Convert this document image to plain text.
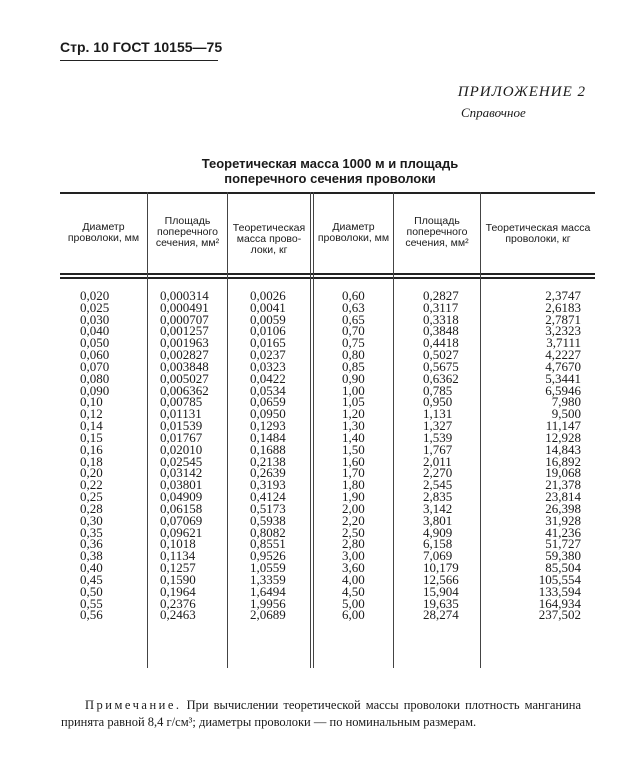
Стр. 10 ГОСТ 10155—75
ПРИЛОЖЕНИЕ 2
Справочное
Теоретическая масса 1000 м и площадь
поперечного сечения проволоки
Диаметр проволоки, мм
Площадь поперечного сечения, мм²
Теоретическая масса прово-локи, кг
Диаметр проволоки, мм
Площадь поперечного сечения, мм²
Теоретическая масса проволоки, кг
0,020
0,025
0,030
0,040
0,050
0,060
0,070
0,080
0,090
0,10
0,12
0,14
0,15
0,16
0,18
0,20
0,22
0,25
0,28
0,30
0,35
0,36
0,38
0,40
0,45
0,50
0,55
0,56
0,000314
0,000491
0,000707
0,001257
0,001963
0,002827
0,003848
0,005027
0,006362
0,00785
0,01131
0,01539
0,01767
0,02010
0,02545
0,03142
0,03801
0,04909
0,06158
0,07069
0,09621
0,1018
0,1134
0,1257
0,1590
0,1964
0,2376
0,2463
0,0026
0,0041
0,0059
0,0106
0,0165
0,0237
0,0323
0,0422
0,0534
0,0659
0,0950
0,1293
0,1484
0,1688
0,2138
0,2639
0,3193
0,4124
0,5173
0,5938
0,8082
0,8551
0,9526
1,0559
1,3359
1,6494
1,9956
2,0689
0,60
0,63
0,65
0,70
0,75
0,80
0,85
0,90
1,00
1,05
1,20
1,30
1,40
1,50
1,60
1,70
1,80
1,90
2,00
2,20
2,50
2,80
3,00
3,60
4,00
4,50
5,00
6,00
0,2827
0,3117
0,3318
0,3848
0,4418
0,5027
0,5675
0,6362
0,785
0,950
1,131
1,327
1,539
1,767
2,011
2,270
2,545
2,835
3,142
3,801
4,909
6,158
7,069
10,179
12,566
15,904
19,635
28,274
2,3747
2,6183
2,7871
3,2323
3,7111
4,2227
4,7670
5,3441
6,5946
7,980
9,500
11,147
12,928
14,843
16,892
19,068
21,378
23,814
26,398
31,928
41,236
51,727
59,380
85,504
105,554
133,594
164,934
237,502
Примечание. При вычислении теоретической массы проволоки плотность манганина принята равной 8,4 г/см³; диаметры проволоки — по номинальным размерам.
